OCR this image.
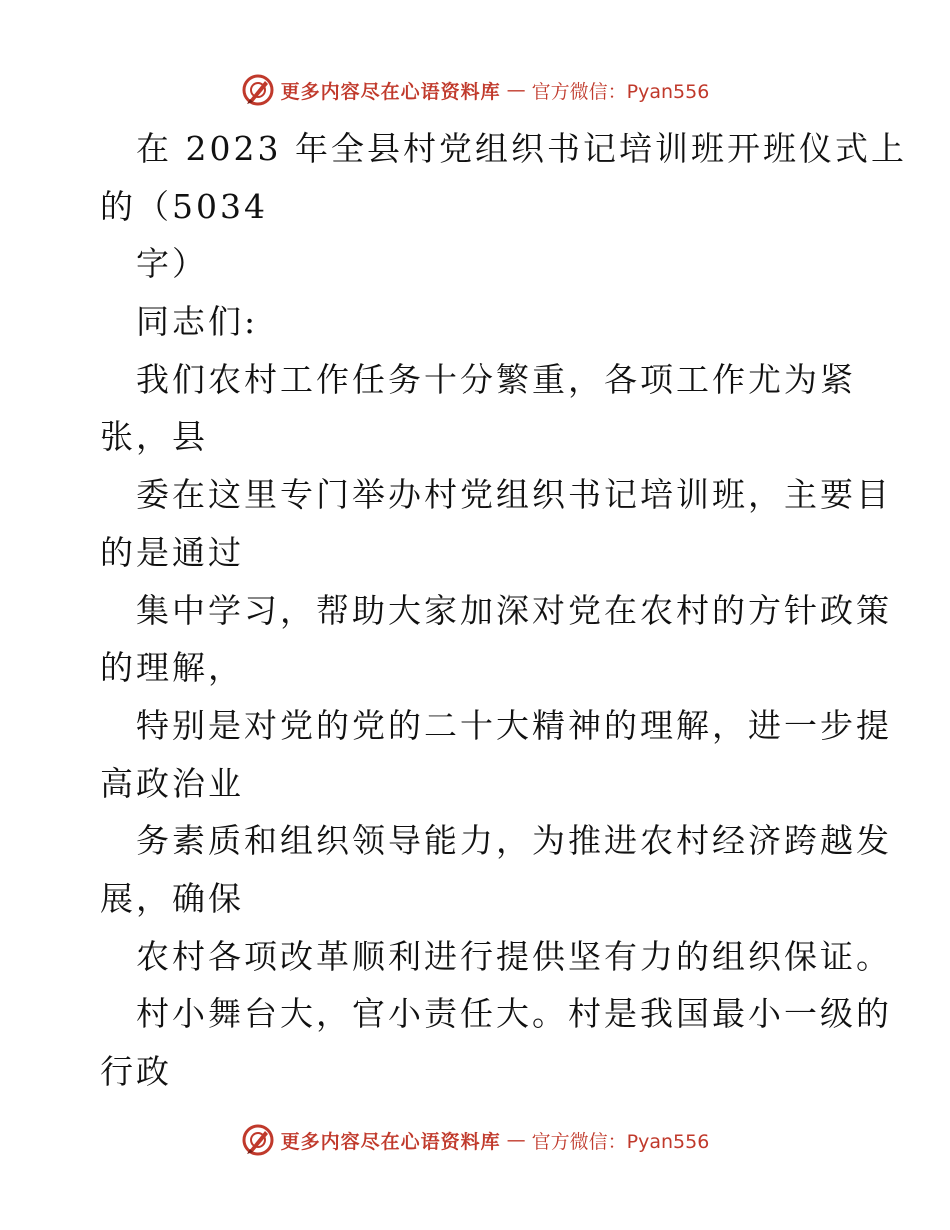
更多内容尽在心语资料库 — 官方微信：Pyan556
在 2023 年全县村党组织书记培训班开班仪式上
的（5034
字）
同志们:
我们农村工作任务十分繁重，各项工作尤为紧
张，县
委在这里专门举办村党组织书记培训班，主要目
的是通过
集中学习，帮助大家加深对党在农村的方针政策
的理解，
特别是对党的党的二十大精神的理解，进一步提
高政治业
务素质和组织领导能力，为推进农村经济跨越发
展，确保
农村各项改革顺利进行提供坚有力的组织保证。
村小舞台大，官小责任大。村是我国最小一级的
行政
更多内容尽在心语资料库 — 官方微信：Pyan556
